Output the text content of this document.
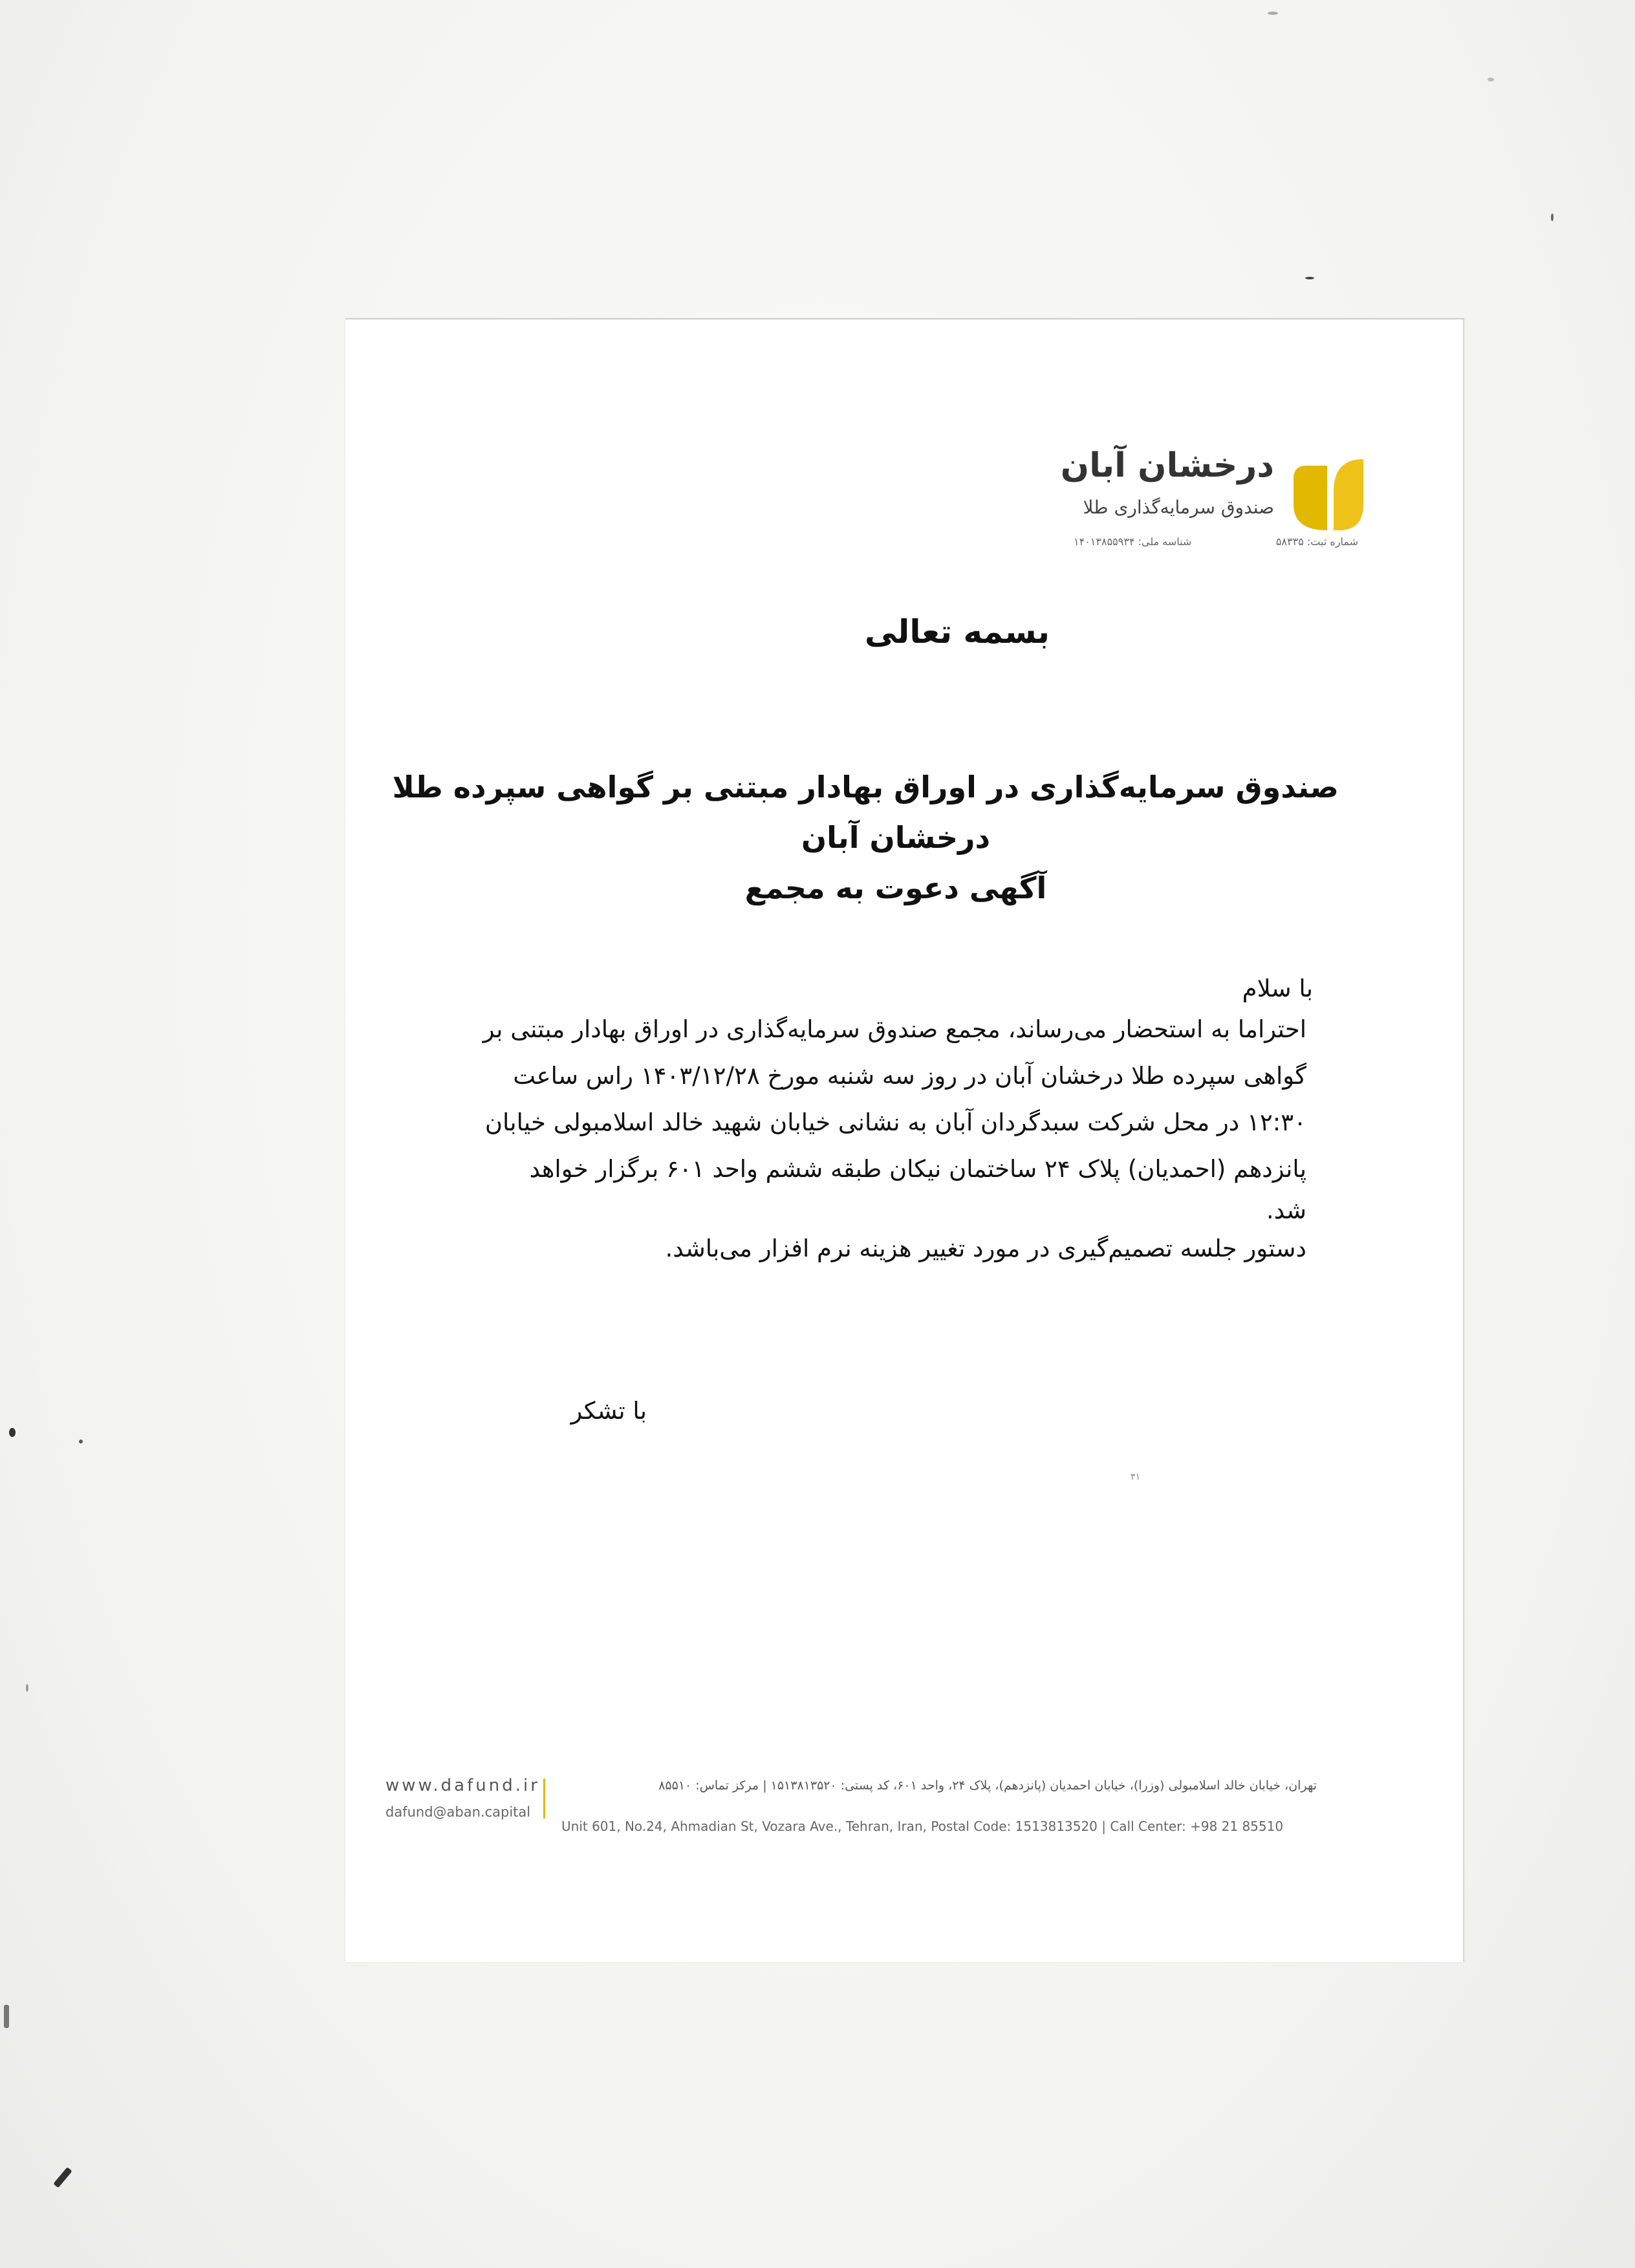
درخشان آبان
صندوق سرمایه‌گذاری طلا
شماره ثبت: ۵۸۳۳۵
شناسه ملی: ۱۴۰۱۳۸۵۵۹۳۴
بسمه تعالی
صندوق سرمایه‌گذاری در اوراق بهادار مبتنی بر گواهی سپرده طلا
درخشان آبان
آگهی دعوت به مجمع
با سلام
احتراما به استحضار می‌رساند، مجمع صندوق سرمایه‌گذاری در اوراق بهادار مبتنی بر
گواهی سپرده طلا درخشان آبان در روز سه شنبه مورخ ۱۴۰۳/۱۲/۲۸ راس ساعت
۱۲:۳۰ در محل شرکت سبدگردان آبان به نشانی خیابان شهید خالد اسلامبولی خیابان
پانزدهم (احمدیان) پلاک ۲۴ ساختمان نیکان طبقه ششم واحد ۶۰۱ برگزار خواهد
شد.
دستور جلسه تصمیم‌گیری در مورد تغییر هزینه نرم افزار می‌باشد.
با تشکر
۳۱
www.dafund.ir
dafund@aban.capital
تهران، خیابان خالد اسلامبولی (وزرا)، خیابان احمدیان (پانزدهم)، پلاک ۲۴، واحد ۶۰۱، کد پستی: ۱۵۱۳۸۱۳۵۲۰ | مرکز تماس: ۸۵۵۱۰
Unit 601, No.24, Ahmadian St, Vozara Ave., Tehran, Iran, Postal Code: 1513813520 | Call Center: +98 21 85510
